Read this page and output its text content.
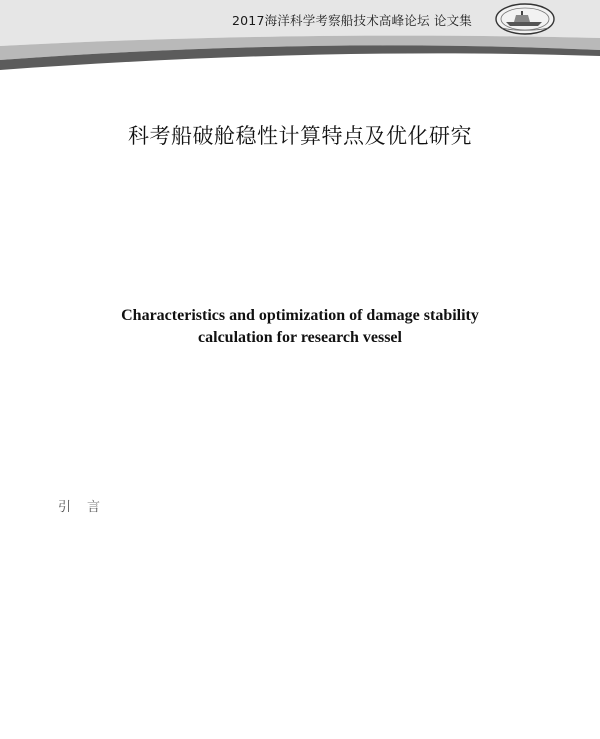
2017海洋科学考察船技术高峰论坛 论文集
科考船破舱稳性计算特点及优化研究
Characteristics and optimization of damage stability
calculation for research vessel
引言
